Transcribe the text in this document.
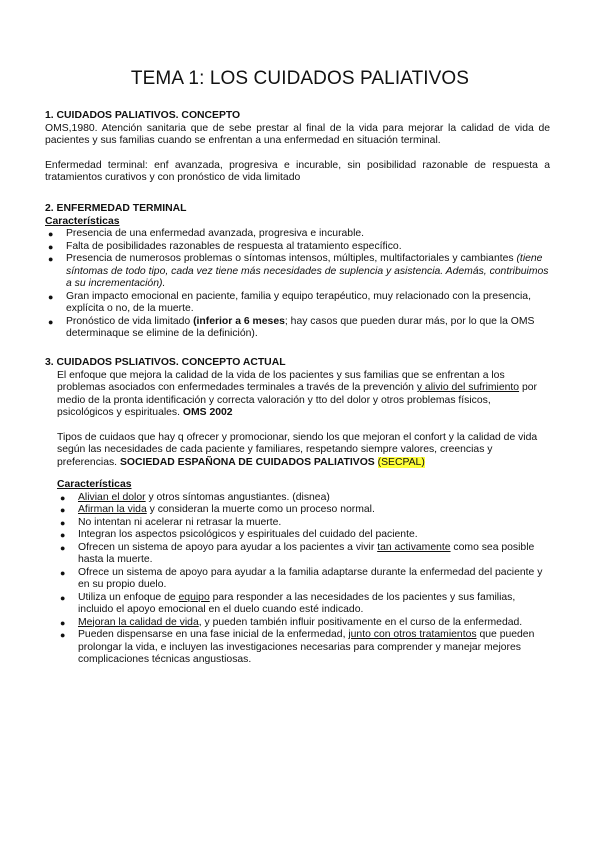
TEMA 1: LOS CUIDADOS PALIATIVOS
1. CUIDADOS PALIATIVOS. CONCEPTO
OMS,1980. Atención sanitaria que de sebe prestar al final de la vida para mejorar la calidad de vida de pacientes y sus familias cuando se enfrentan a una enfermedad en situación terminal.
Enfermedad terminal: enf avanzada, progresiva e incurable, sin posibilidad razonable de respuesta a tratamientos curativos y con pronóstico de vida limitado
2. ENFERMEDAD TERMINAL
Características
● Presencia de una enfermedad avanzada, progresiva e incurable.
● Falta de posibilidades razonables de respuesta al tratamiento específico.
● Presencia de numerosos problemas o síntomas intensos, múltiples, multifactoriales y cambiantes (tiene síntomas de todo tipo, cada vez tiene más necesidades de suplencia y asistencia. Además, contribuimos a su incrementación).
● Gran impacto emocional en paciente, familia y equipo terapéutico, muy relacionado con la presencia, explícita o no, de la muerte.
● Pronóstico de vida limitado (inferior a 6 meses; hay casos que pueden durar más, por lo que la OMS determinaque se elimine de la definición).
3. CUIDADOS PSLIATIVOS. CONCEPTO ACTUAL
El enfoque que mejora la calidad de la vida de los pacientes y sus familias que se enfrentan a los problemas asociados con enfermedades terminales a través de la prevención y alivio del sufrimiento por medio de la pronta identificación y correcta valoración y tto del dolor y otros problemas físicos, psicológicos y espirituales. OMS 2002
Tipos de cuidaos que hay q ofrecer y promocionar, siendo los que mejoran el confort y la calidad de vida según las necesidades de cada paciente y familiares, respetando siempre valores, creencias y preferencias. SOCIEDAD ESPAÑONA DE CUIDADOS PALIATIVOS (SECPAL)
Características
● Alivian el dolor y otros síntomas angustiantes. (disnea)
● Afirman la vida y consideran la muerte como un proceso normal.
● No intentan ni acelerar ni retrasar la muerte.
● Integran los aspectos psicológicos y espirituales del cuidado del paciente.
● Ofrecen un sistema de apoyo para ayudar a los pacientes a vivir tan activamente como sea posible hasta la muerte.
● Ofrece un sistema de apoyo para ayudar a la familia adaptarse durante la enfermedad del paciente y en su propio duelo.
● Utiliza un enfoque de equipo para responder a las necesidades de los pacientes y sus familias, incluido el apoyo emocional en el duelo cuando esté indicado.
● Mejoran la calidad de vida, y pueden también influir positivamente en el curso de la enfermedad.
● Pueden dispensarse en una fase inicial de la enfermedad, junto con otros tratamientos que pueden prolongar la vida, e incluyen las investigaciones necesarias para comprender y manejar mejores complicaciones técnicas angustiosas.
